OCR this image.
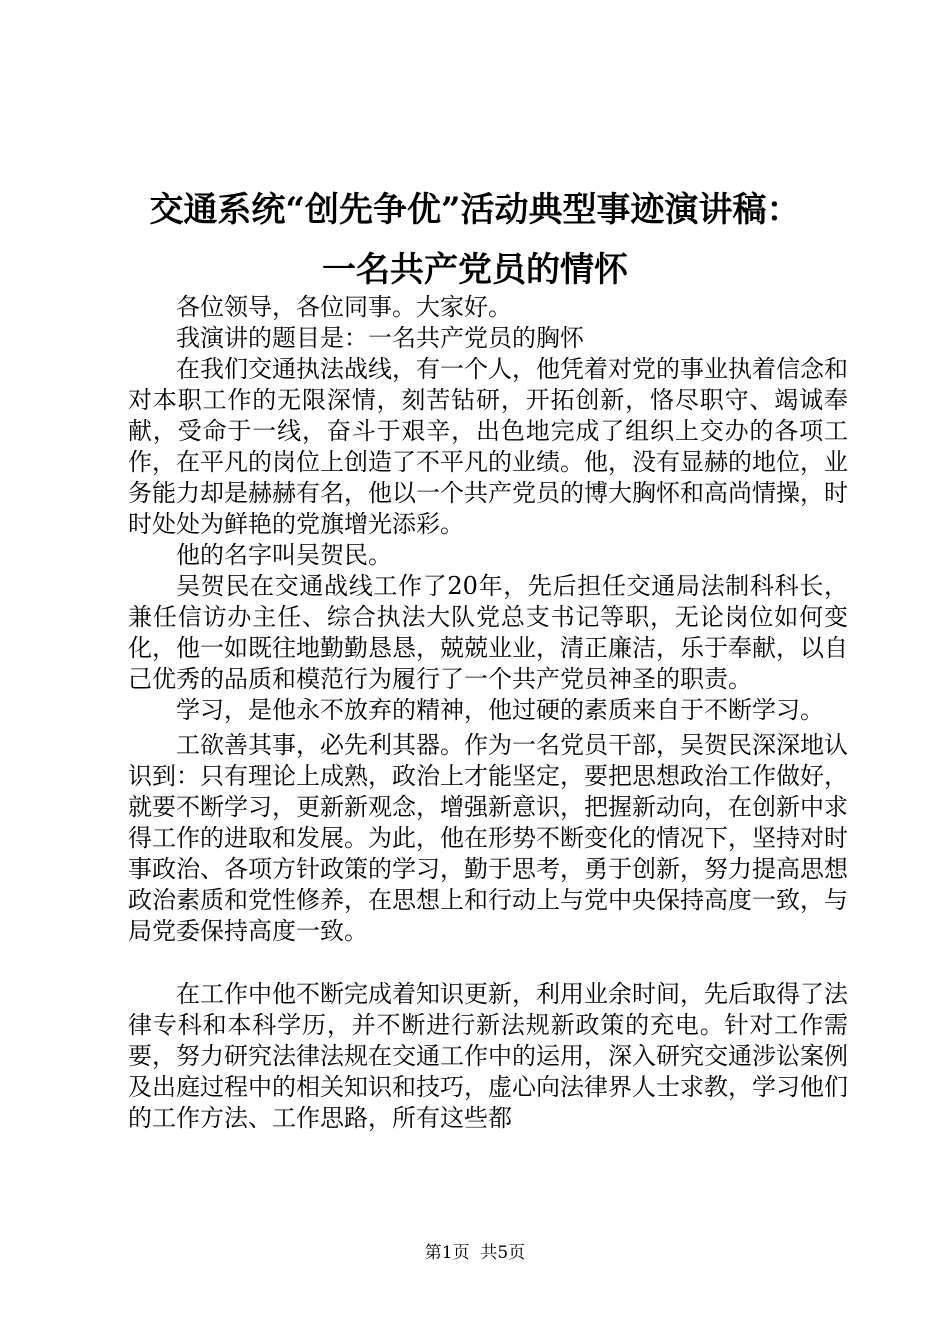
交通系统“创先争优”活动典型事迹演讲稿：
一名共产党员的情怀

各位领导，各位同事。大家好。

我演讲的题目是：一名共产党员的胸怀

在我们交通执法战线，有一个人，他凭着对党的事业执着信念和对本职工作的无限深情，刻苦钻研，开拓创新，恪尽职守、竭诚奉献，受命于一线，奋斗于艰辛，出色地完成了组织上交办的各项工作，在平凡的岗位上创造了不平凡的业绩。他，没有显赫的地位，业务能力却是赫赫有名，他以一个共产党员的博大胸怀和高尚情操，时时处处为鲜艳的党旗增光添彩。

他的名字叫吴贺民。

吴贺民在交通战线工作了20年，先后担任交通局法制科科长，兼任信访办主任、综合执法大队党总支书记等职，无论岗位如何变化，他一如既往地勤勤恳恳，兢兢业业，清正廉洁，乐于奉献，以自己优秀的品质和模范行为履行了一个共产党员神圣的职责。

学习，是他永不放弃的精神，他过硬的素质来自于不断学习。

工欲善其事，必先利其器。作为一名党员干部，吴贺民深深地认识到：只有理论上成熟，政治上才能坚定，要把思想政治工作做好，就要不断学习，更新新观念，增强新意识，把握新动向，在创新中求得工作的进取和发展。为此，他在形势不断变化的情况下，坚持对时事政治、各项方针政策的学习，勤于思考，勇于创新，努力提高思想政治素质和党性修养，在思想上和行动上与党中央保持高度一致，与局党委保持高度一致。

在工作中他不断完成着知识更新，利用业余时间，先后取得了法律专科和本科学历，并不断进行新法规新政策的充电。针对工作需要，努力研究法律法规在交通工作中的运用，深入研究交通涉讼案例及出庭过程中的相关知识和技巧，虚心向法律界人士求教，学习他们的工作方法、工作思路，所有这些都

第1页  共5页
